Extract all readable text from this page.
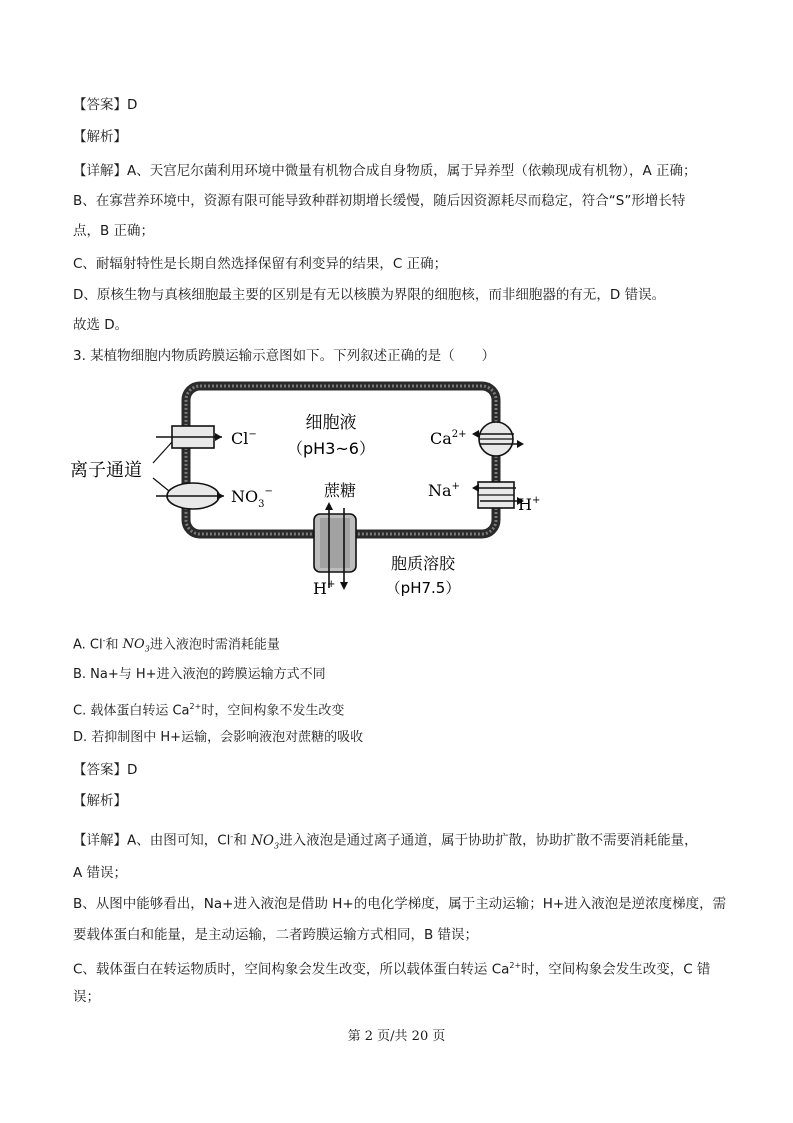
【答案】D
【解析】
【详解】A、天宫尼尔菌利用环境中微量有机物合成自身物质，属于异养型（依赖现成有机物），A 正确；
B、在寡营养环境中，资源有限可能导致种群初期增长缓慢，随后因资源耗尽而稳定，符合“S”形增长特
点，B 正确；
C、耐辐射特性是长期自然选择保留有利变异的结果，C 正确；
D、原核生物与真核细胞最主要的区别是有无以核膜为界限的细胞核，而非细胞器的有无，D 错误。
故选 D。
3. 某植物细胞内物质跨膜运输示意图如下。下列叙述正确的是（　　）
细胞液
（pH3~6）
离子通道
Cl−
$NO_3^-$
$Ca^{2+}$
Na+
H+
蔗糖
H+
胞质溶胶
（pH7.5）
A. Cl-和 $NO_3$进入液泡时需消耗能量
B. Na+与 H+进入液泡的跨膜运输方式不同
C. 载体蛋白转运 $Ca^{2+}$时，空间构象不发生改变
D. 若抑制图中 H+运输，会影响液泡对蔗糖的吸收
【答案】D
【解析】
【详解】A、由图可知，Cl-和 $NO_3$进入液泡是通过离子通道，属于协助扩散，协助扩散不需要消耗能量，
A 错误；
B、从图中能够看出，Na+进入液泡是借助 H+的电化学梯度，属于主动运输；H+进入液泡是逆浓度梯度，需
要载体蛋白和能量，是主动运输，二者跨膜运输方式相同，B 错误；
C、载体蛋白在转运物质时，空间构象会发生改变，所以载体蛋白转运 $Ca^{2+}$时，空间构象会发生改变，C 错
误；
第 2 页/共 20 页
